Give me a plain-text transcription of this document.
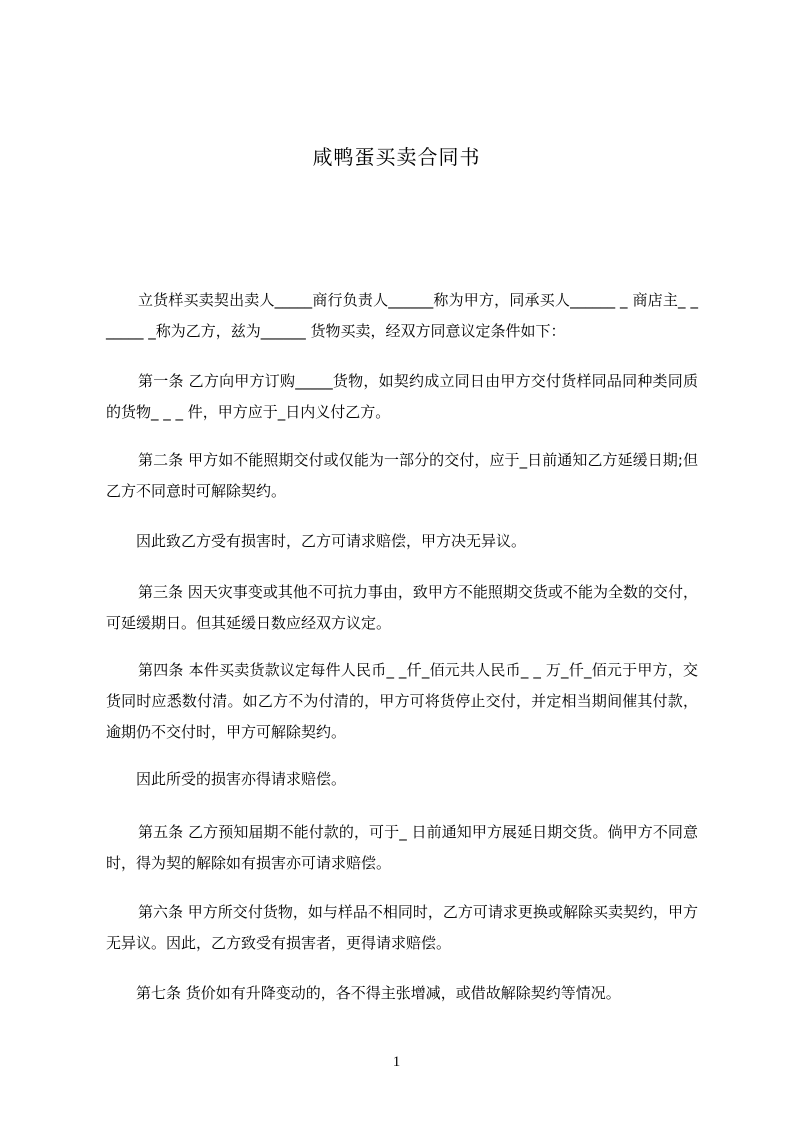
咸鸭蛋买卖合同书

立货样买卖契出卖人_____商行负责人______称为甲方，同承买人______ _ 商店主_ ______ _称为乙方，兹为______ 货物买卖，经双方同意议定条件如下：

第一条 乙方向甲方订购_____货物，如契约成立同日由甲方交付货样同品同种类同质的货物_ _ _ 件，甲方应于_日内义付乙方。

第二条 甲方如不能照期交付或仅能为一部分的交付，应于_日前通知乙方延缓日期;但乙方不同意时可解除契约。

因此致乙方受有损害时，乙方可请求赔偿，甲方决无异议。

第三条 因天灾事变或其他不可抗力事由，致甲方不能照期交货或不能为全数的交付，可延缓期日。但其延缓日数应经双方议定。

第四条 本件买卖货款议定每件人民币_ _仟_佰元共人民币_ _ 万_仟_佰元于甲方，交货同时应悉数付清。如乙方不为付清的，甲方可将货停止交付，并定相当期间催其付款，逾期仍不交付时，甲方可解除契约。

因此所受的损害亦得请求赔偿。

第五条 乙方预知届期不能付款的，可于_ 日前通知甲方展延日期交货。倘甲方不同意时，得为契的解除如有损害亦可请求赔偿。

第六条 甲方所交付货物，如与样品不相同时，乙方可请求更换或解除买卖契约，甲方无异议。因此，乙方致受有损害者，更得请求赔偿。

第七条 货价如有升降变动的，各不得主张增减，或借故解除契约等情况。

1
